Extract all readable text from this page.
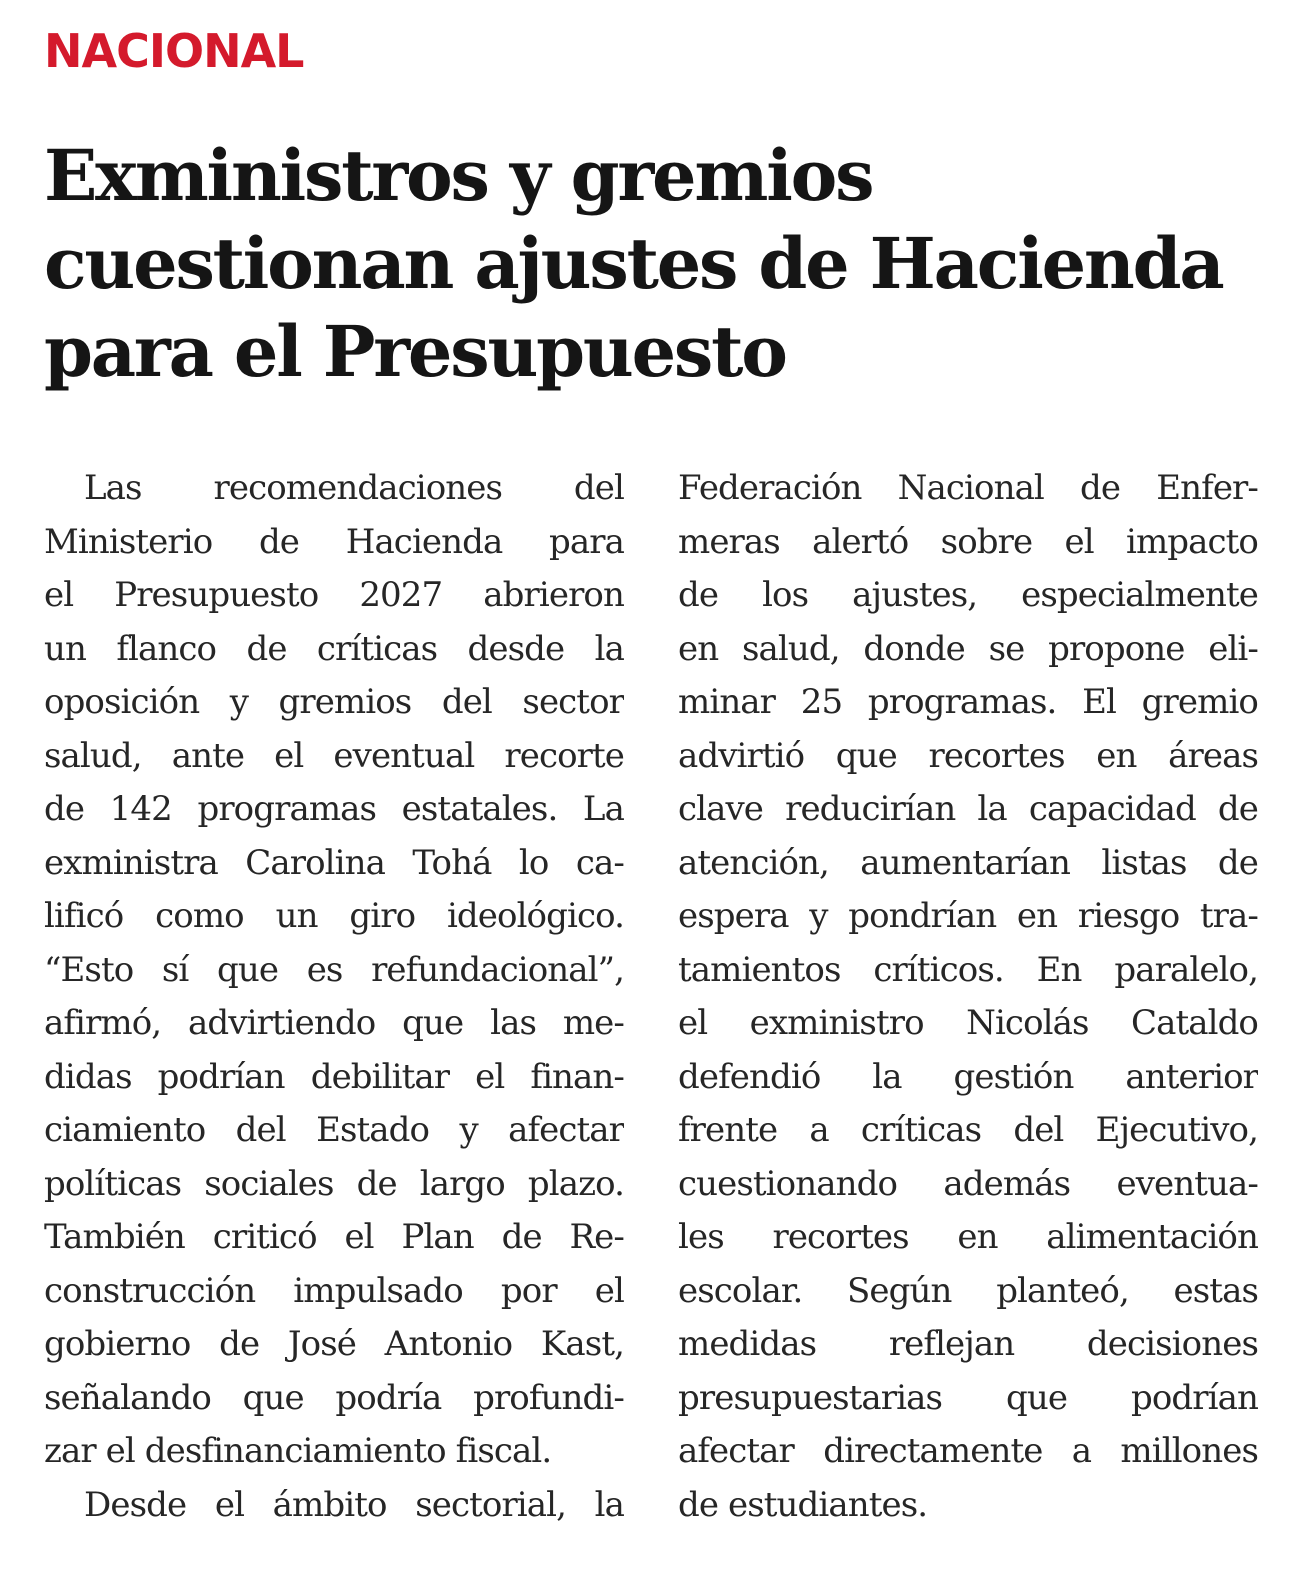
NACIONAL
Exministros y gremios
cuestionan ajustes de Hacienda
para el Presupuesto
Las recomendaciones del
Ministerio de Hacienda para
el Presupuesto 2027 abrieron
un flanco de críticas desde la
oposición y gremios del sector
salud, ante el eventual recorte
de 142 programas estatales. La
exministra Carolina Tohá lo ca-
lificó como un giro ideológico.
“Esto sí que es refundacional”,
afirmó, advirtiendo que las me-
didas podrían debilitar el finan-
ciamiento del Estado y afectar
políticas sociales de largo plazo.
También criticó el Plan de Re-
construcción impulsado por el
gobierno de José Antonio Kast,
señalando que podría profundi-
zar el desfinanciamiento fiscal.
Desde el ámbito sectorial, la
Federación Nacional de Enfer-
meras alertó sobre el impacto
de los ajustes, especialmente
en salud, donde se propone eli-
minar 25 programas. El gremio
advirtió que recortes en áreas
clave reducirían la capacidad de
atención, aumentarían listas de
espera y pondrían en riesgo tra-
tamientos críticos. En paralelo,
el exministro Nicolás Cataldo
defendió la gestión anterior
frente a críticas del Ejecutivo,
cuestionando además eventua-
les recortes en alimentación
escolar. Según planteó, estas
medidas reflejan decisiones
presupuestarias que podrían
afectar directamente a millones
de estudiantes.
